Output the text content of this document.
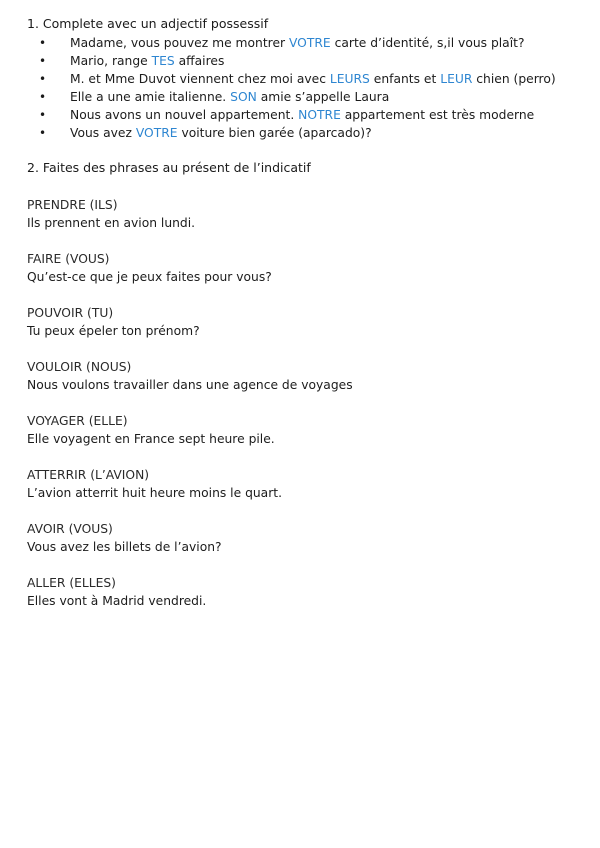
1. Complete avec un adjectif possessif
• Madame, vous pouvez me montrer VOTRE carte d’identité, s,il vous plaît?
• Mario, range TES affaires
• M. et Mme Duvot viennent chez moi avec LEURS enfants et LEUR chien (perro)
• Elle a une amie italienne. SON amie s’appelle Laura
• Nous avons un nouvel appartement. NOTRE appartement est très moderne
• Vous avez VOTRE voiture bien garée (aparcado)?
2. Faites des phrases au présent de l’indicatif
PRENDRE (ILS)
Ils prennent en avion lundi.
FAIRE (VOUS)
Qu’est-ce que je peux faites pour vous?
POUVOIR (TU)
Tu peux épeler ton prénom?
VOULOIR (NOUS)
Nous voulons travailler dans une agence de voyages
VOYAGER (ELLE)
Elle voyagent en France sept heure pile.
ATTERRIR (L’AVION)
L’avion atterrit huit heure moins le quart.
AVOIR (VOUS)
Vous avez les billets de l’avion?
ALLER (ELLES)
Elles vont à Madrid vendredi.
